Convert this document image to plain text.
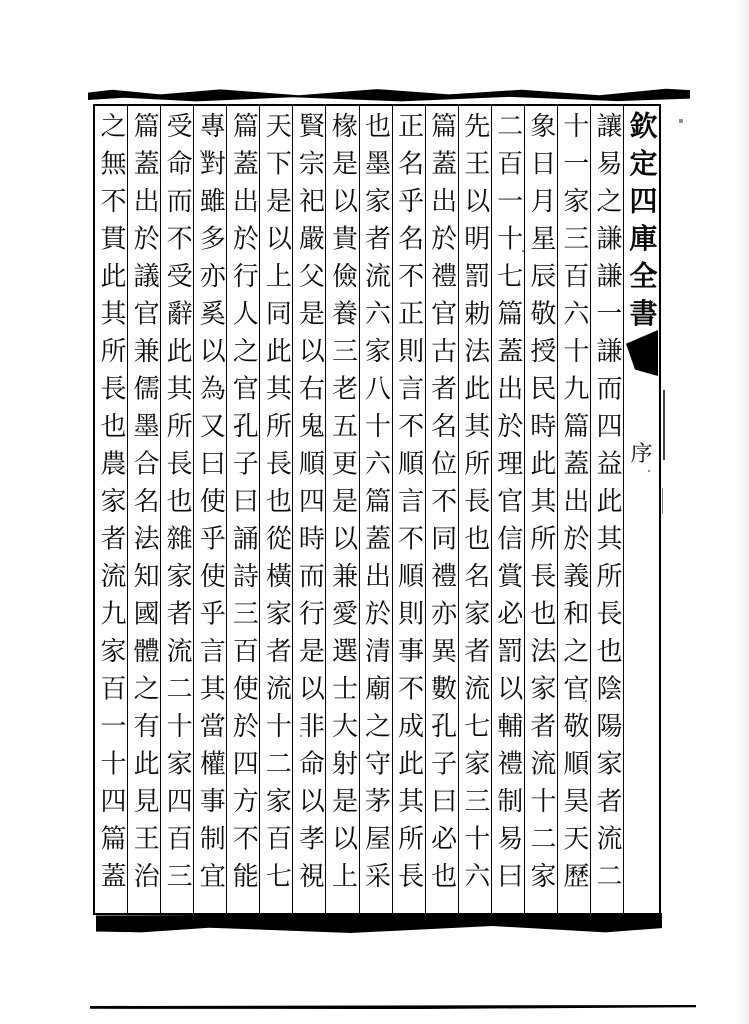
欽定四庫全書
序
讓易之謙謙一謙而四益此其所長也陰陽家者流二
十一家三百六十九篇蓋出於義和之官敬順昊天歷
象日月星辰敬授民時此其所長也法家者流十二家
二百一十七篇蓋出於理官信賞必罰以輔禮制易曰
先王以明罰勅法此其所長也名家者流七家三十六
篇蓋出於禮官古者名位不同禮亦異數孔子曰必也
正名乎名不正則言不順言不順則事不成此其所長
也墨家者流六家八十六篇蓋出於清廟之守茅屋采
椽是以貴儉養三老五更是以兼愛選士大射是以上
賢宗祀嚴父是以右鬼順四時而行是以非命以孝視
天下是以上同此其所長也從橫家者流十二家百七
篇蓋出於行人之官孔子曰誦詩三百使於四方不能
專對雖多亦奚以為又曰使乎使乎言其當權事制宜
受命而不受辭此其所長也雜家者流二十家四百三
篇蓋出於議官兼儒墨合名法知國體之有此見王治
之無不貫此其所長也農家者流九家百一十四篇蓋
